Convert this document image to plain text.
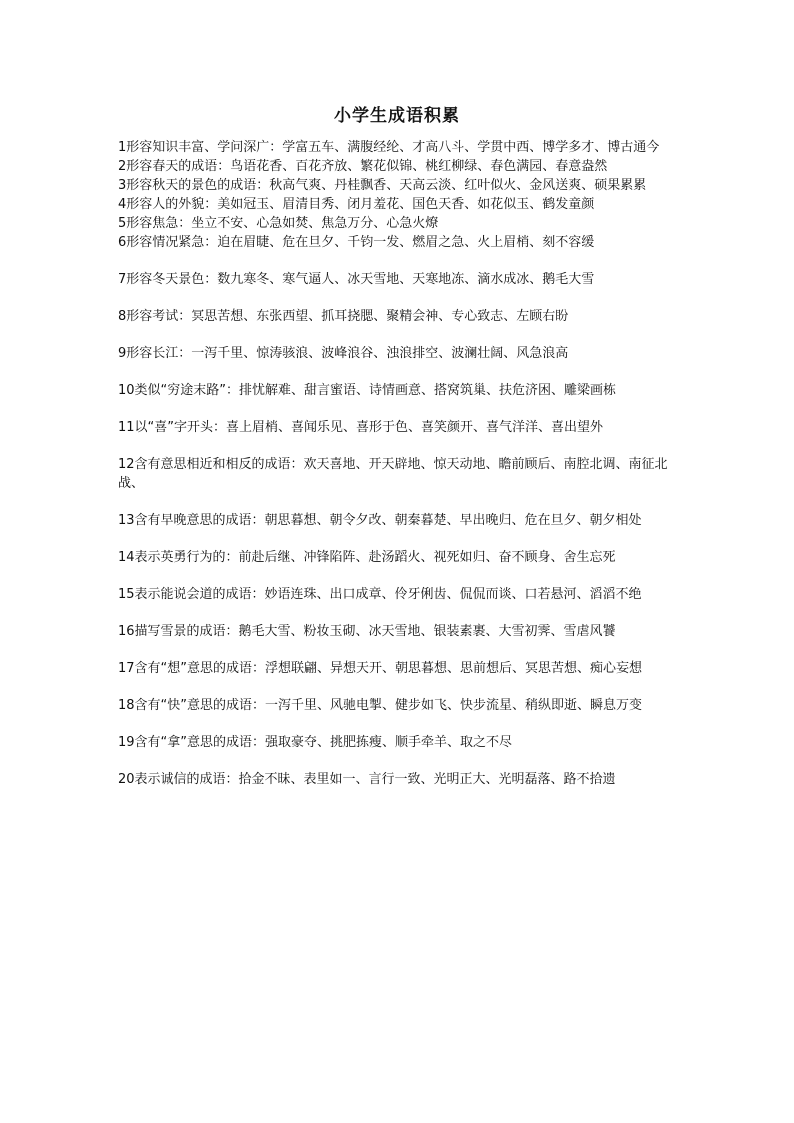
小学生成语积累

1形容知识丰富、学问深广：学富五车、满腹经纶、才高八斗、学贯中西、博学多才、博古通今

2形容春天的成语：鸟语花香、百花齐放、繁花似锦、桃红柳绿、春色满园、春意盎然

3形容秋天的景色的成语：秋高气爽、丹桂飘香、天高云淡、红叶似火、金风送爽、硕果累累

4形容人的外貌：美如冠玉、眉清目秀、闭月羞花、国色天香、如花似玉、鹤发童颜

5形容焦急：坐立不安、心急如焚、焦急万分、心急火燎

6形容情况紧急：迫在眉睫、危在旦夕、千钧一发、燃眉之急、火上眉梢、刻不容缓

7形容冬天景色：数九寒冬、寒气逼人、冰天雪地、天寒地冻、滴水成冰、鹅毛大雪

8形容考试：冥思苦想、东张西望、抓耳挠腮、聚精会神、专心致志、左顾右盼

9形容长江：一泻千里、惊涛骇浪、波峰浪谷、浊浪排空、波澜壮阔、风急浪高

10类似“穷途末路”：排忧解难、甜言蜜语、诗情画意、搭窝筑巢、扶危济困、雕梁画栋

11以“喜”字开头：喜上眉梢、喜闻乐见、喜形于色、喜笑颜开、喜气洋洋、喜出望外

12含有意思相近和相反的成语：欢天喜地、开天辟地、惊天动地、瞻前顾后、南腔北调、南征北战、

13含有早晚意思的成语：朝思暮想、朝令夕改、朝秦暮楚、早出晚归、危在旦夕、朝夕相处

14表示英勇行为的：前赴后继、冲锋陷阵、赴汤蹈火、视死如归、奋不顾身、舍生忘死

15表示能说会道的成语：妙语连珠、出口成章、伶牙俐齿、侃侃而谈、口若悬河、滔滔不绝

16描写雪景的成语：鹅毛大雪、粉妆玉砌、冰天雪地、银装素裹、大雪初霁、雪虐风饕

17含有“想”意思的成语：浮想联翩、异想天开、朝思暮想、思前想后、冥思苦想、痴心妄想

18含有“快”意思的成语：一泻千里、风驰电掣、健步如飞、快步流星、稍纵即逝、瞬息万变

19含有“拿”意思的成语：强取豪夺、挑肥拣瘦、顺手牵羊、取之不尽

20表示诚信的成语：拾金不昧、表里如一、言行一致、光明正大、光明磊落、路不拾遗
